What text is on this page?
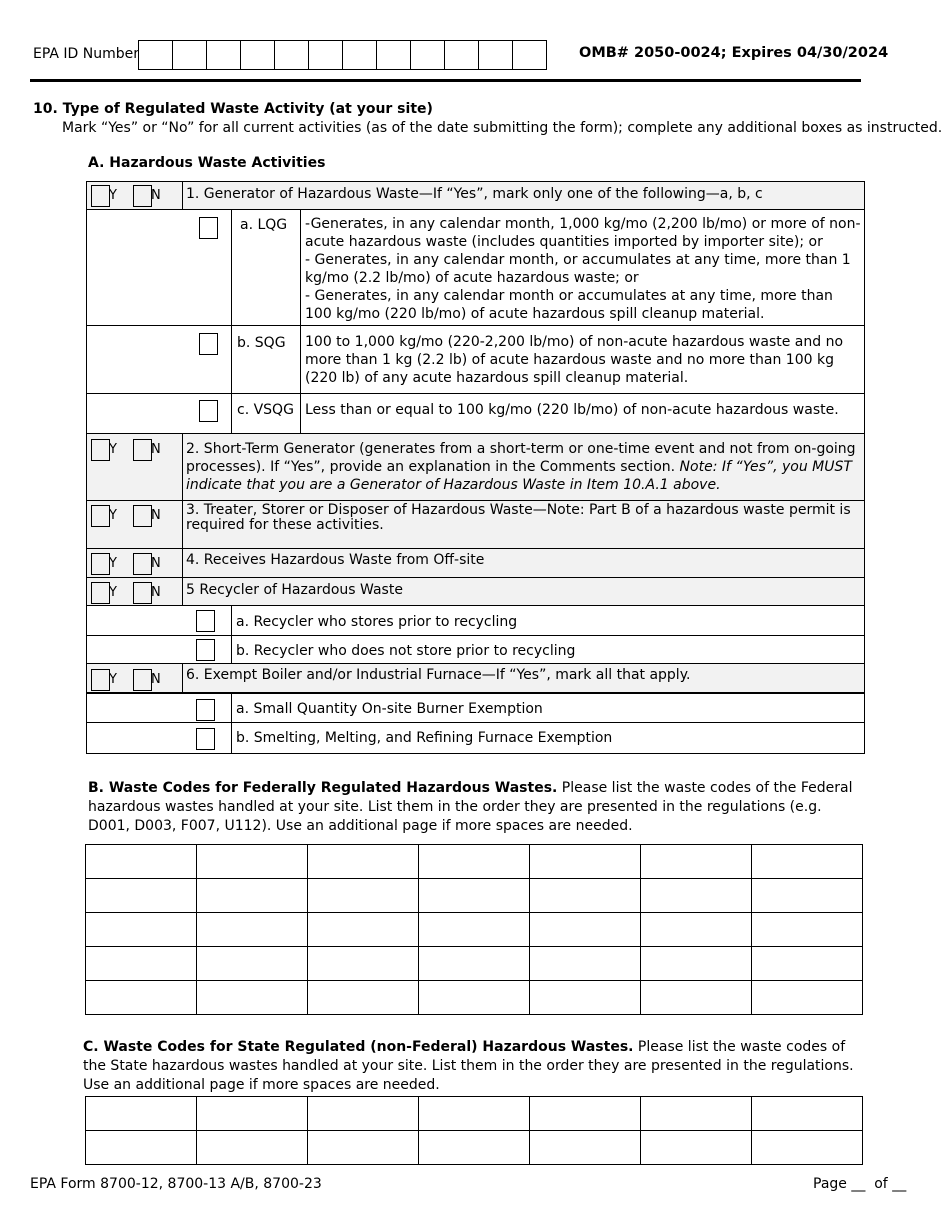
EPA ID Number
												OMB# 2050-0024; Expires 04/30/2024
10. Type of Regulated Waste Activity (at your site)
Mark “Yes” or “No” for all current activities (as of the date submitting the form); complete any additional boxes as instructed.
A. Hazardous Waste Activities
Y	N 1. Generator of Hazardous Waste—If “Yes”, mark only one of the following—a, b, c
a. LQG -Generates, in any calendar month, 1,000 kg/mo (2,200 lb/mo) or more of non-acute hazardous waste (includes quantities imported by importer site); or
- Generates, in any calendar month, or accumulates at any time, more than 1 kg/mo (2.2 lb/mo) of acute hazardous waste; or
- Generates, in any calendar month or accumulates at any time, more than 100 kg/mo (220 lb/mo) of acute hazardous spill cleanup material.
b. SQG 100 to 1,000 kg/mo (220-2,200 lb/mo) of non-acute hazardous waste and no more than 1 kg (2.2 lb) of acute hazardous waste and no more than 100 kg (220 lb) of any acute hazardous spill cleanup material.
c. VSQG Less than or equal to 100 kg/mo (220 lb/mo) of non-acute hazardous waste.
Y	N 2. Short-Term Generator (generates from a short-term or one-time event and not from on-going processes). If “Yes”, provide an explanation in the Comments section. Note: If “Yes”, you MUST indicate that you are a Generator of Hazardous Waste in Item 10.A.1 above.
Y	N 3. Treater, Storer or Disposer of Hazardous Waste—Note: Part B of a hazardous waste permit is required for these activities.
Y	N 4. Receives Hazardous Waste from Off-site
Y	N 5 Recycler of Hazardous Waste
a. Recycler who stores prior to recycling
b. Recycler who does not store prior to recycling
Y	N 6. Exempt Boiler and/or Industrial Furnace—If “Yes”, mark all that apply.
a. Small Quantity On-site Burner Exemption
b. Smelting, Melting, and Refining Furnace Exemption
B. Waste Codes for Federally Regulated Hazardous Wastes. Please list the waste codes of the Federal hazardous wastes handled at your site. List them in the order they are presented in the regulations (e.g. D001, D003, F007, U112). Use an additional page if more spaces are needed.

C. Waste Codes for State Regulated (non-Federal) Hazardous Wastes. Please list the waste codes of the State hazardous wastes handled at your site. List them in the order they are presented in the regulations. Use an additional page if more spaces are needed.

EPA Form 8700-12, 8700-13 A/B, 8700-23	Page __  of __
